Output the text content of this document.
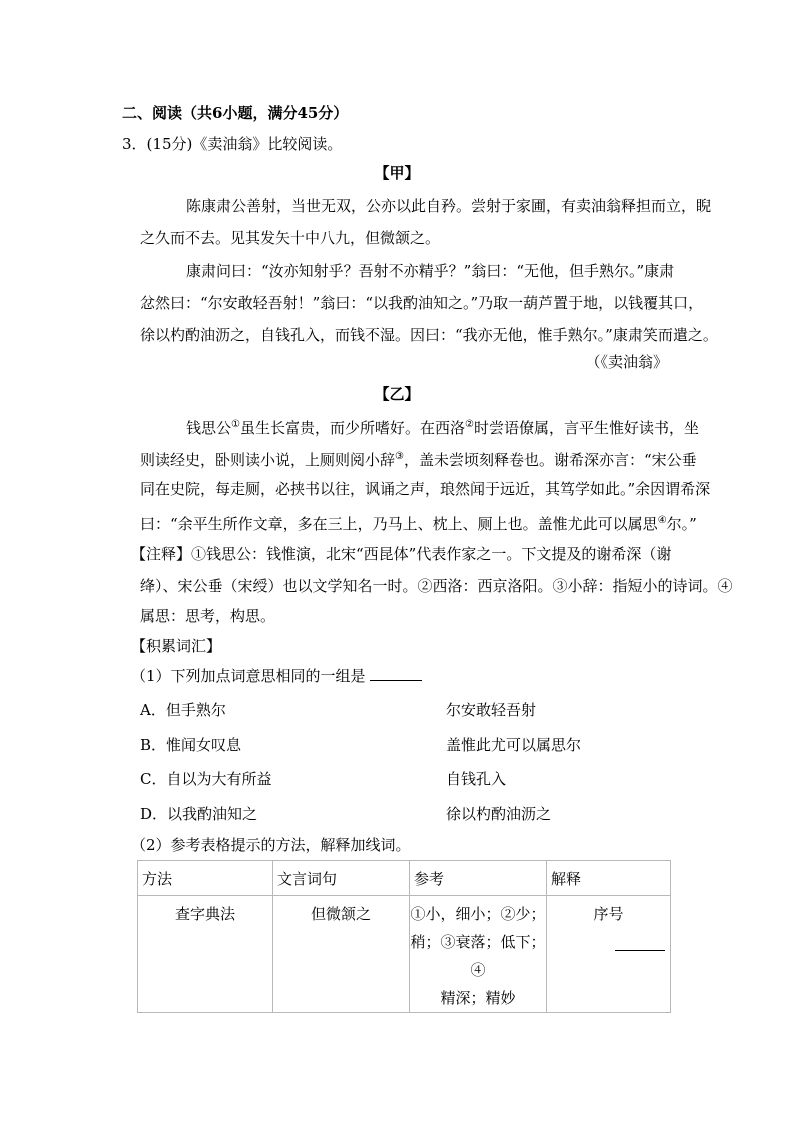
二、阅读（共6小题，满分45分）
3．(15分)《卖油翁》比较阅读。
【甲】
陈康肃公善射，当世无双，公亦以此自矜。尝射于家圃，有卖油翁释担而立，睨
之久而不去。见其发矢十中八九，但微颔之。
康肃问曰：“汝亦知射乎？吾射不亦精乎？”翁曰：“无他，但手熟尔。”康肃
忿然曰：“尔安敢轻吾射！”翁曰：“以我酌油知之。”乃取一葫芦置于地，以钱覆其口，
徐以杓酌油沥之，自钱孔入，而钱不湿。因曰：“我亦无他，惟手熟尔。”康肃笑而遣之。
（《卖油翁》
【乙】
钱思公①虽生长富贵，而少所嗜好。在西洛②时尝语僚属，言平生惟好读书，坐
则读经史，卧则读小说，上厕则阅小辞③，盖未尝顷刻释卷也。谢希深亦言：“宋公垂
同在史院，每走厕，必挟书以往，讽诵之声，琅然闻于远近，其笃学如此。”余因谓希深
曰：“余平生所作文章，多在三上，乃马上、枕上、厕上也。盖惟尤此可以属思④尔。”
【注释】①钱思公：钱惟演，北宋“西昆体”代表作家之一。下文提及的谢希深（谢
绛）、宋公垂（宋绶）也以文学知名一时。②西洛：西京洛阳。③小辞：指短小的诗词。④
属思：思考，构思。
【积累词汇】
（1）下列加点词意思相同的一组是
A．但手熟尔	尔安敢轻吾射
B．惟闻女叹息	盖惟此尤可以属思尔
C．自以为大有所益	自钱孔入
D．以我酌油知之	徐以杓酌油沥之
（2）参考表格提示的方法，解释加线词。
方法	文言词句	参考	解释
查字典法	但微颔之	①小，细小；②少；
稍；③衰落；低下；④
精深；精妙	序号
